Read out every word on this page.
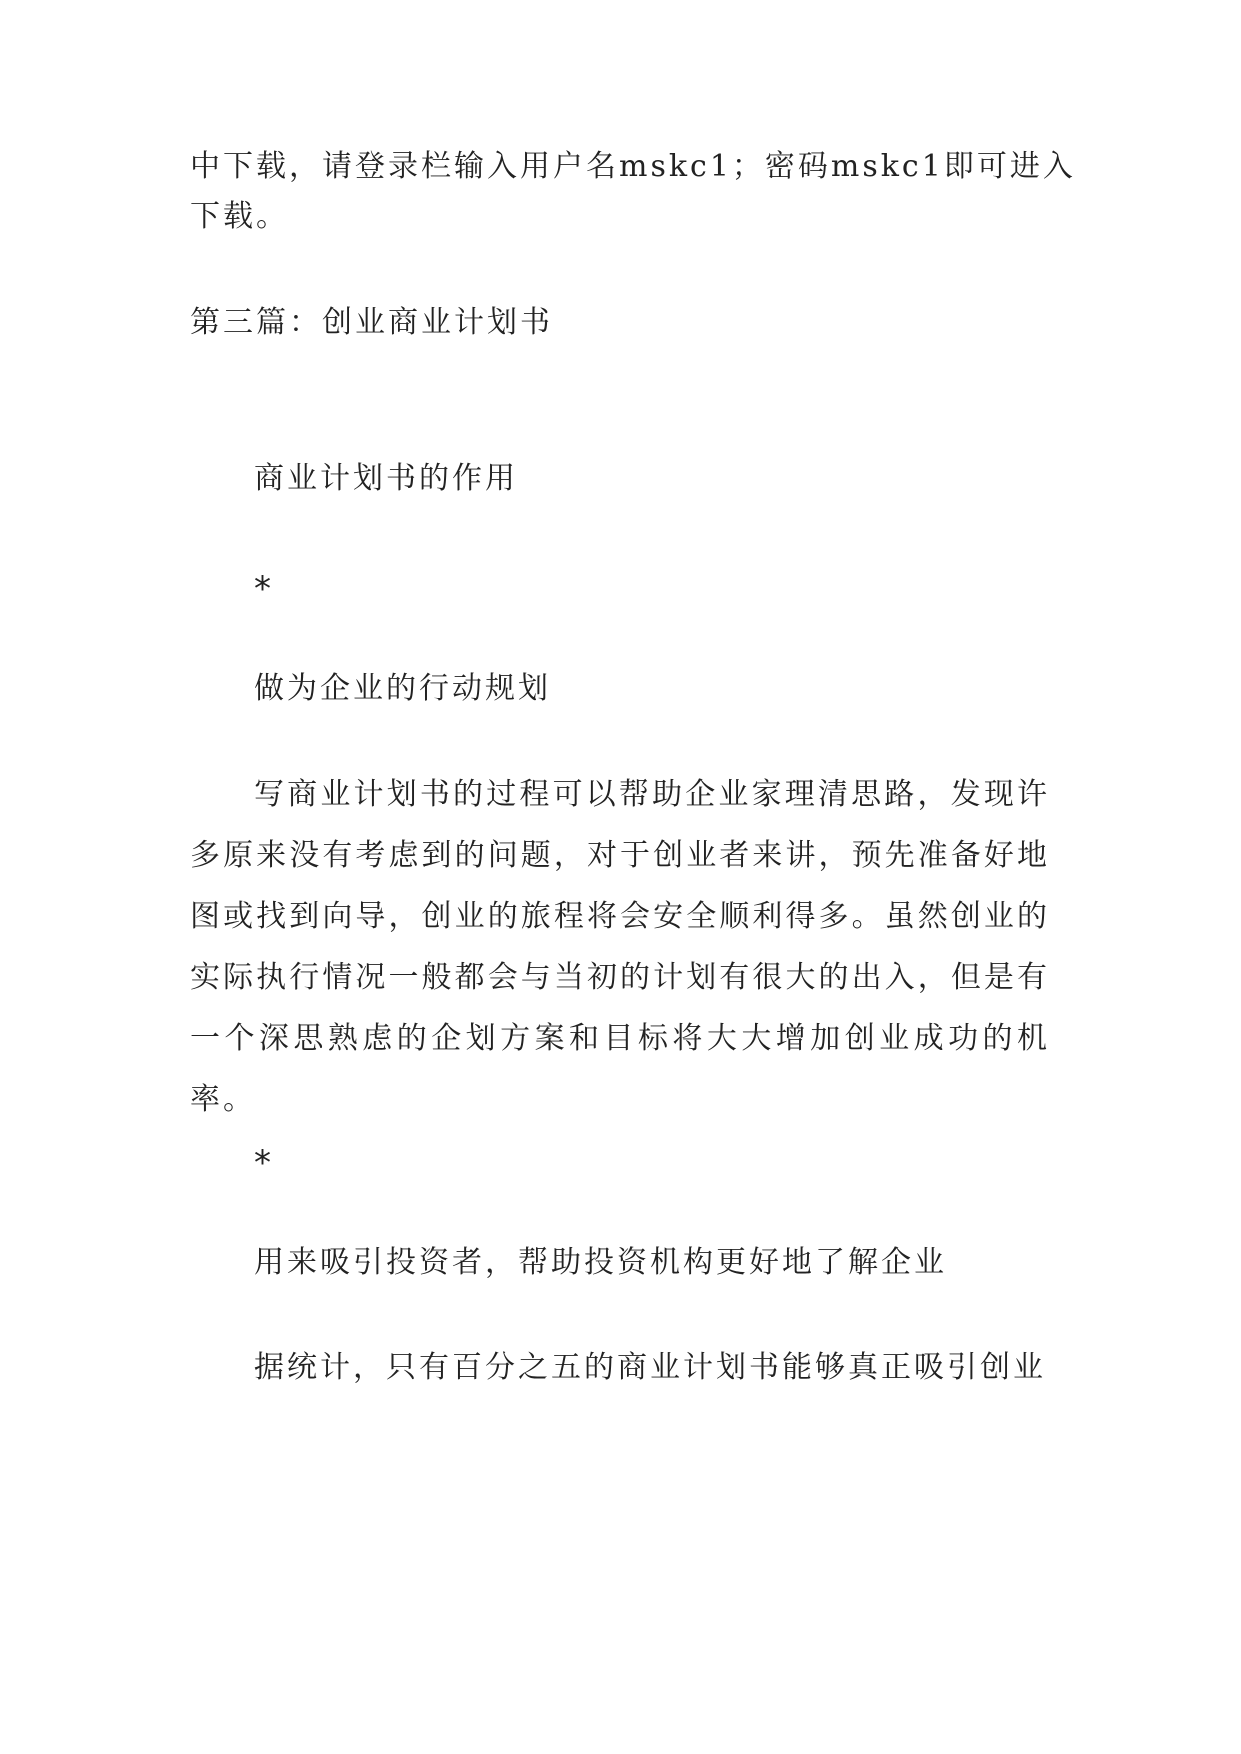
中下载，请登录栏输入用户名mskc1；密码mskc1即可进入
下载。
第三篇：创业商业计划书
商业计划书的作用
*
做为企业的行动规划
写商业计划书的过程可以帮助企业家理清思路，发现许多原来没有考虑到的问题，对于创业者来讲，预先准备好地图或找到向导，创业的旅程将会安全顺利得多。虽然创业的实际执行情况一般都会与当初的计划有很大的出入，但是有一个深思熟虑的企划方案和目标将大大增加创业成功的机率。
*
用来吸引投资者，帮助投资机构更好地了解企业
据统计，只有百分之五的商业计划书能够真正吸引创业
